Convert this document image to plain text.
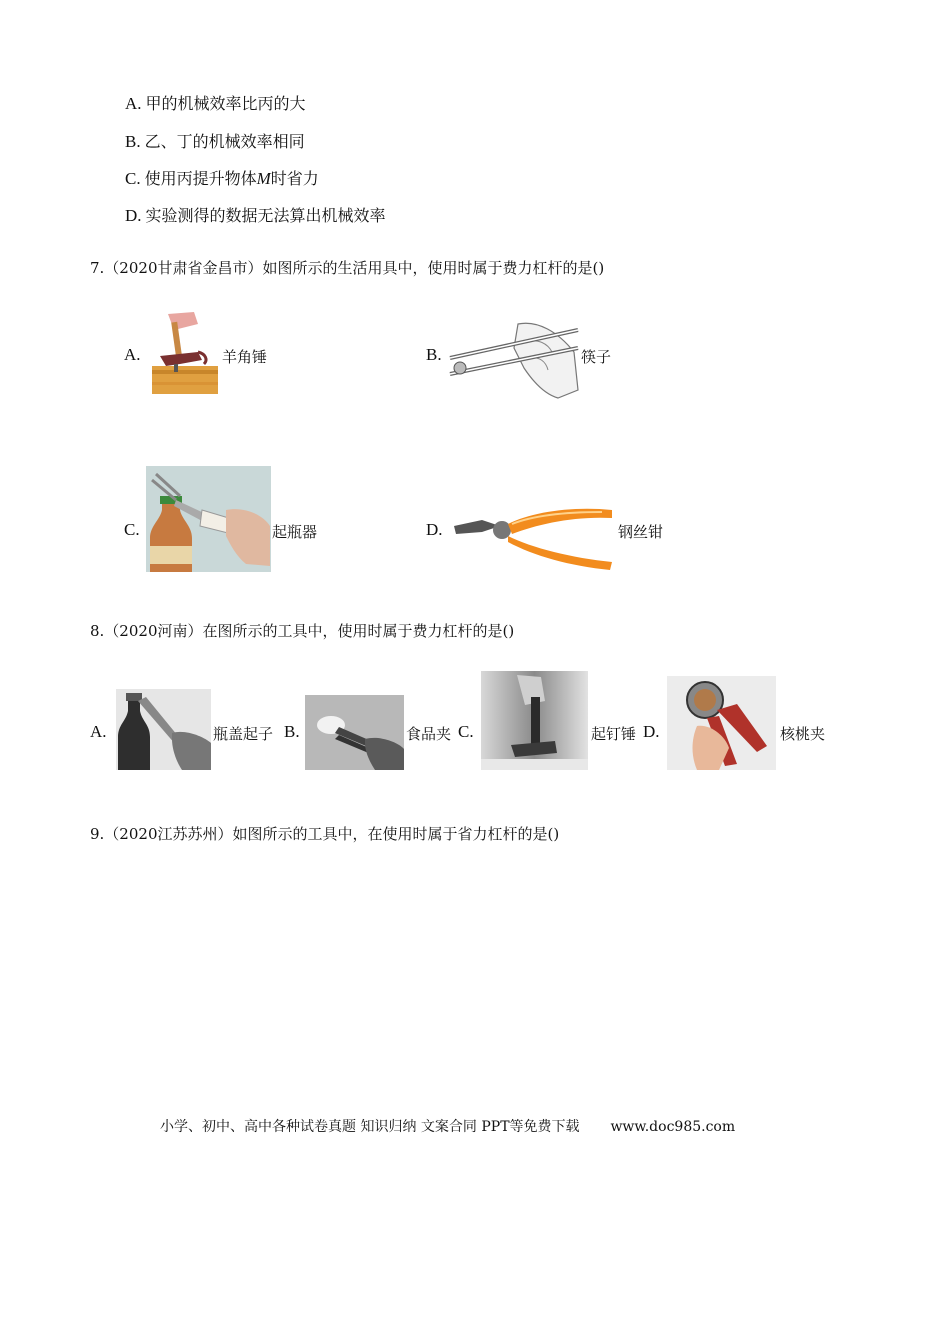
A. 甲的机械效率比丙的大
B. 乙、丁的机械效率相同
C. 使用丙提升物体M时省力
D. 实验测得的数据无法算出机械效率
7.（2020甘肃省金昌市）如图所示的生活用具中，使用时属于费力杠杆的是()
A.	羊角锤	B.	筷子
C.	起瓶器	D.	钢丝钳
8.（2020河南）在图所示的工具中，使用时属于费力杠杆的是()
A.	瓶盖起子 B.	食品夹 C.	起钉锤 D.	核桃夹
9.（2020江苏苏州）如图所示的工具中，在使用时属于省力杠杆的是()
小学、初中、高中各种试卷真题 知识归纳 文案合同 PPT等免费下载 www.doc985.com
